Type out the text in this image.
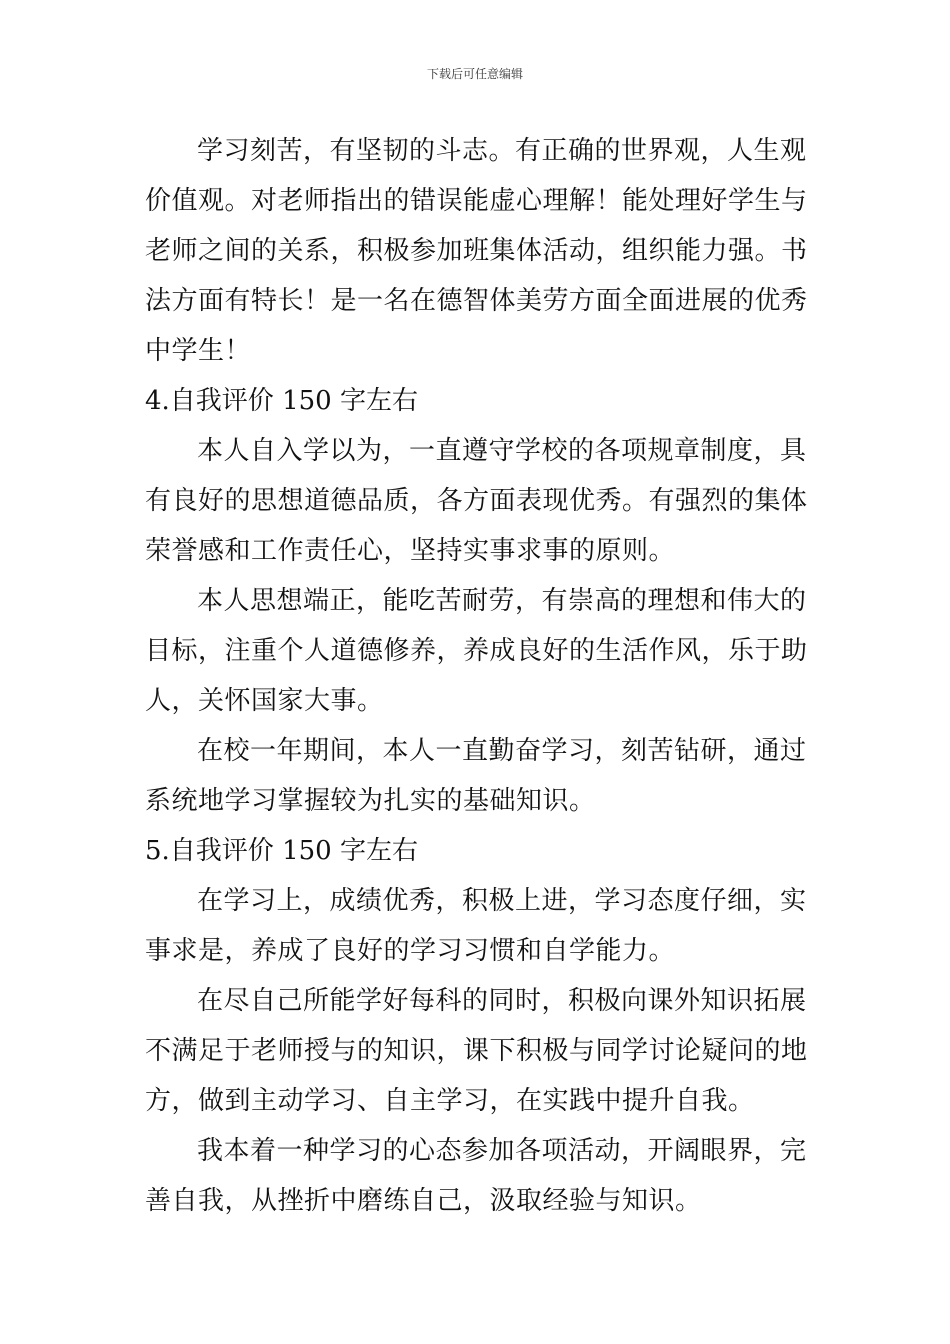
下载后可任意编辑
学习刻苦，有坚韧的斗志。有正确的世界观，人生观
价值观。对老师指出的错误能虚心理解！能处理好学生与
老师之间的关系，积极参加班集体活动，组织能力强。书
法方面有特长！是一名在德智体美劳方面全面进展的优秀
中学生！
4.自我评价 150 字左右
本人自入学以为，一直遵守学校的各项规章制度，具
有良好的思想道德品质，各方面表现优秀。有强烈的集体
荣誉感和工作责任心，坚持实事求事的原则。
本人思想端正，能吃苦耐劳，有崇高的理想和伟大的
目标，注重个人道德修养，养成良好的生活作风，乐于助
人，关怀国家大事。
在校一年期间，本人一直勤奋学习，刻苦钻研，通过
系统地学习掌握较为扎实的基础知识。
5.自我评价 150 字左右
在学习上，成绩优秀，积极上进，学习态度仔细，实
事求是，养成了良好的学习习惯和自学能力。
在尽自己所能学好每科的同时，积极向课外知识拓展
不满足于老师授与的知识，课下积极与同学讨论疑问的地
方，做到主动学习、自主学习，在实践中提升自我。
我本着一种学习的心态参加各项活动，开阔眼界，完
善自我，从挫折中磨练自己，汲取经验与知识。
